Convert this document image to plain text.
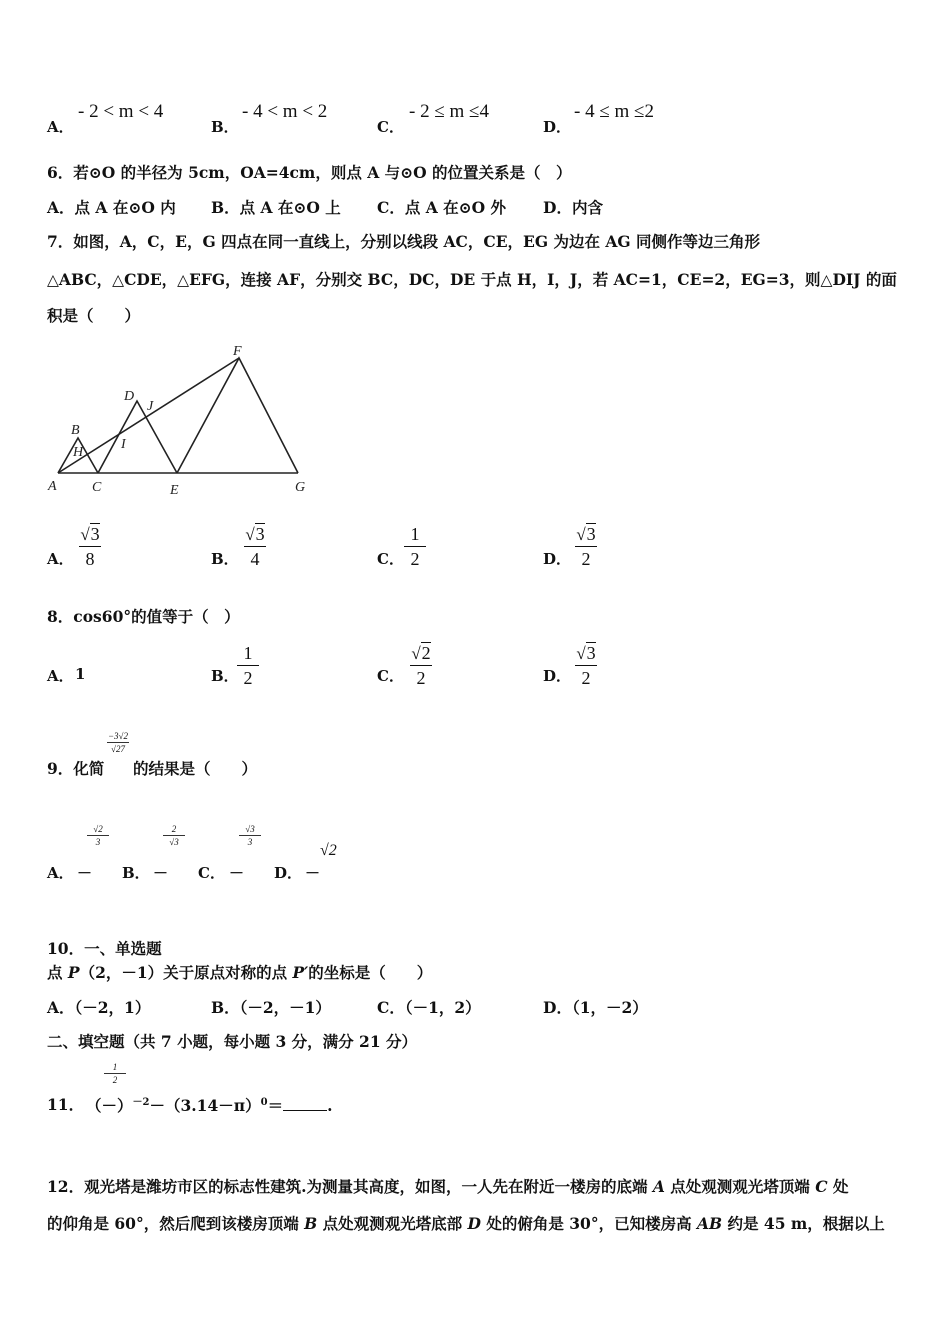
A．
- 2 < m < 4
B．
- 4 < m < 2
C．
- 2 ≤ m ≤4
D．
- 4 ≤ m ≤2
6．若⊙O 的半径为 5cm，OA=4cm，则点 A 与⊙O 的位置关系是（　）
A．点 A 在⊙O 内 B．点 A 在⊙O 上 C．点 A 在⊙O 外 D．内含
7．如图，A，C，E，G 四点在同一直线上，分别以线段 AC，CE，EG 为边在 AG 同侧作等边三角形
△ABC，△CDE，△EFG，连接 AF，分别交 BC，DC，DE 于点 H，I，J，若 AC=1，CE=2，EG=3，则△DIJ 的面
积是（　　）
A
B
C
D
E
F
G
H
I
J
A．
√3
8	B．
√3
4	C．
1
2	D．
√3
2
8．cos60°的值等于（　）
A． 1	B．
1
2	C．
√2
2	D．
√3
2
9．化简
−3√2
√27
的结果是（　　）
A． －
√2
3
B． －
2
√3
C． －
√3
3
D． －
√2
10．一、单选题
点 P（2，－1）关于原点对称的点 P′的坐标是（　　）
A．（－2，1）	B．（－2，－1）	C．（－1，2）	D．（1，－2）
二、填空题（共 7 小题，每小题 3 分，满分 21 分）
11．
1
2
$(-)^{-2}-(3.14-\pi)^0=$	.
12．观光塔是潍坊市区的标志性建筑.为测量其高度，如图，一人先在附近一楼房的底端 A 点处观测观光塔顶端 C 处
的仰角是 60°，然后爬到该楼房顶端 B 点处观测观光塔底部 D 处的俯角是 30°，已知楼房高 AB 约是 45 m，根据以上
